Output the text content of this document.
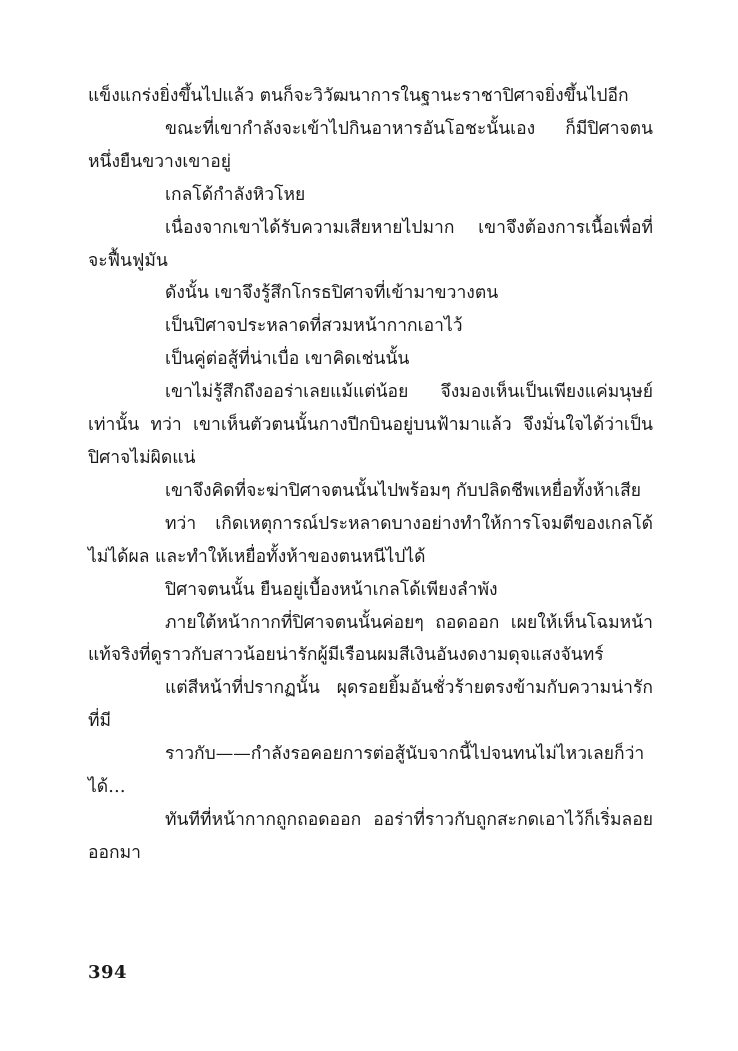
แข็งแกร่งยิ่งขึ้นไปแล้ว ตนก็จะวิวัฒนาการในฐานะราชาปิศาจยิ่งขึ้นไปอีก

ขณะที่เขากำลังจะเข้าไปกินอาหารอันโอชะนั้นเอง ก็มีปิศาจตนหนึ่งยืนขวางเขาอยู่

เกลโด้กำลังหิวโหย

เนื่องจากเขาได้รับความเสียหายไปมาก เขาจึงต้องการเนื้อเพื่อที่จะฟื้นฟูมัน

ดังนั้น เขาจึงรู้สึกโกรธปิศาจที่เข้ามาขวางตน

เป็นปิศาจประหลาดที่สวมหน้ากากเอาไว้

เป็นคู่ต่อสู้ที่น่าเบื่อ เขาคิดเช่นนั้น

เขาไม่รู้สึกถึงออร่าเลยแม้แต่น้อย จึงมองเห็นเป็นเพียงแค่มนุษย์เท่านั้น ทว่า เขาเห็นตัวตนนั้นกางปีกบินอยู่บนฟ้ามาแล้ว จึงมั่นใจได้ว่าเป็นปิศาจไม่ผิดแน่

เขาจึงคิดที่จะฆ่าปิศาจตนนั้นไปพร้อมๆ กับปลิดชีพเหยื่อทั้งห้าเสีย

ทว่า เกิดเหตุการณ์ประหลาดบางอย่างทำให้การโจมตีของเกลโด้ไม่ได้ผล และทำให้เหยื่อทั้งห้าของตนหนีไปได้

ปิศาจตนนั้น ยืนอยู่เบื้องหน้าเกลโด้เพียงลำพัง

ภายใต้หน้ากากที่ปิศาจตนนั้นค่อยๆ ถอดออก เผยให้เห็นโฉมหน้าแท้จริงที่ดูราวกับสาวน้อยน่ารักผู้มีเรือนผมสีเงินอันงดงามดุจแสงจันทร์

แต่สีหน้าที่ปรากฏนั้น ผุดรอยยิ้มอันชั่วร้ายตรงข้ามกับความน่ารักที่มี

ราวกับ——กำลังรอคอยการต่อสู้นับจากนี้ไปจนทนไม่ไหวเลยก็ว่าได้…

ทันทีที่หน้ากากถูกถอดออก ออร่าที่ราวกับถูกสะกดเอาไว้ก็เริ่มลอยออกมา

394
